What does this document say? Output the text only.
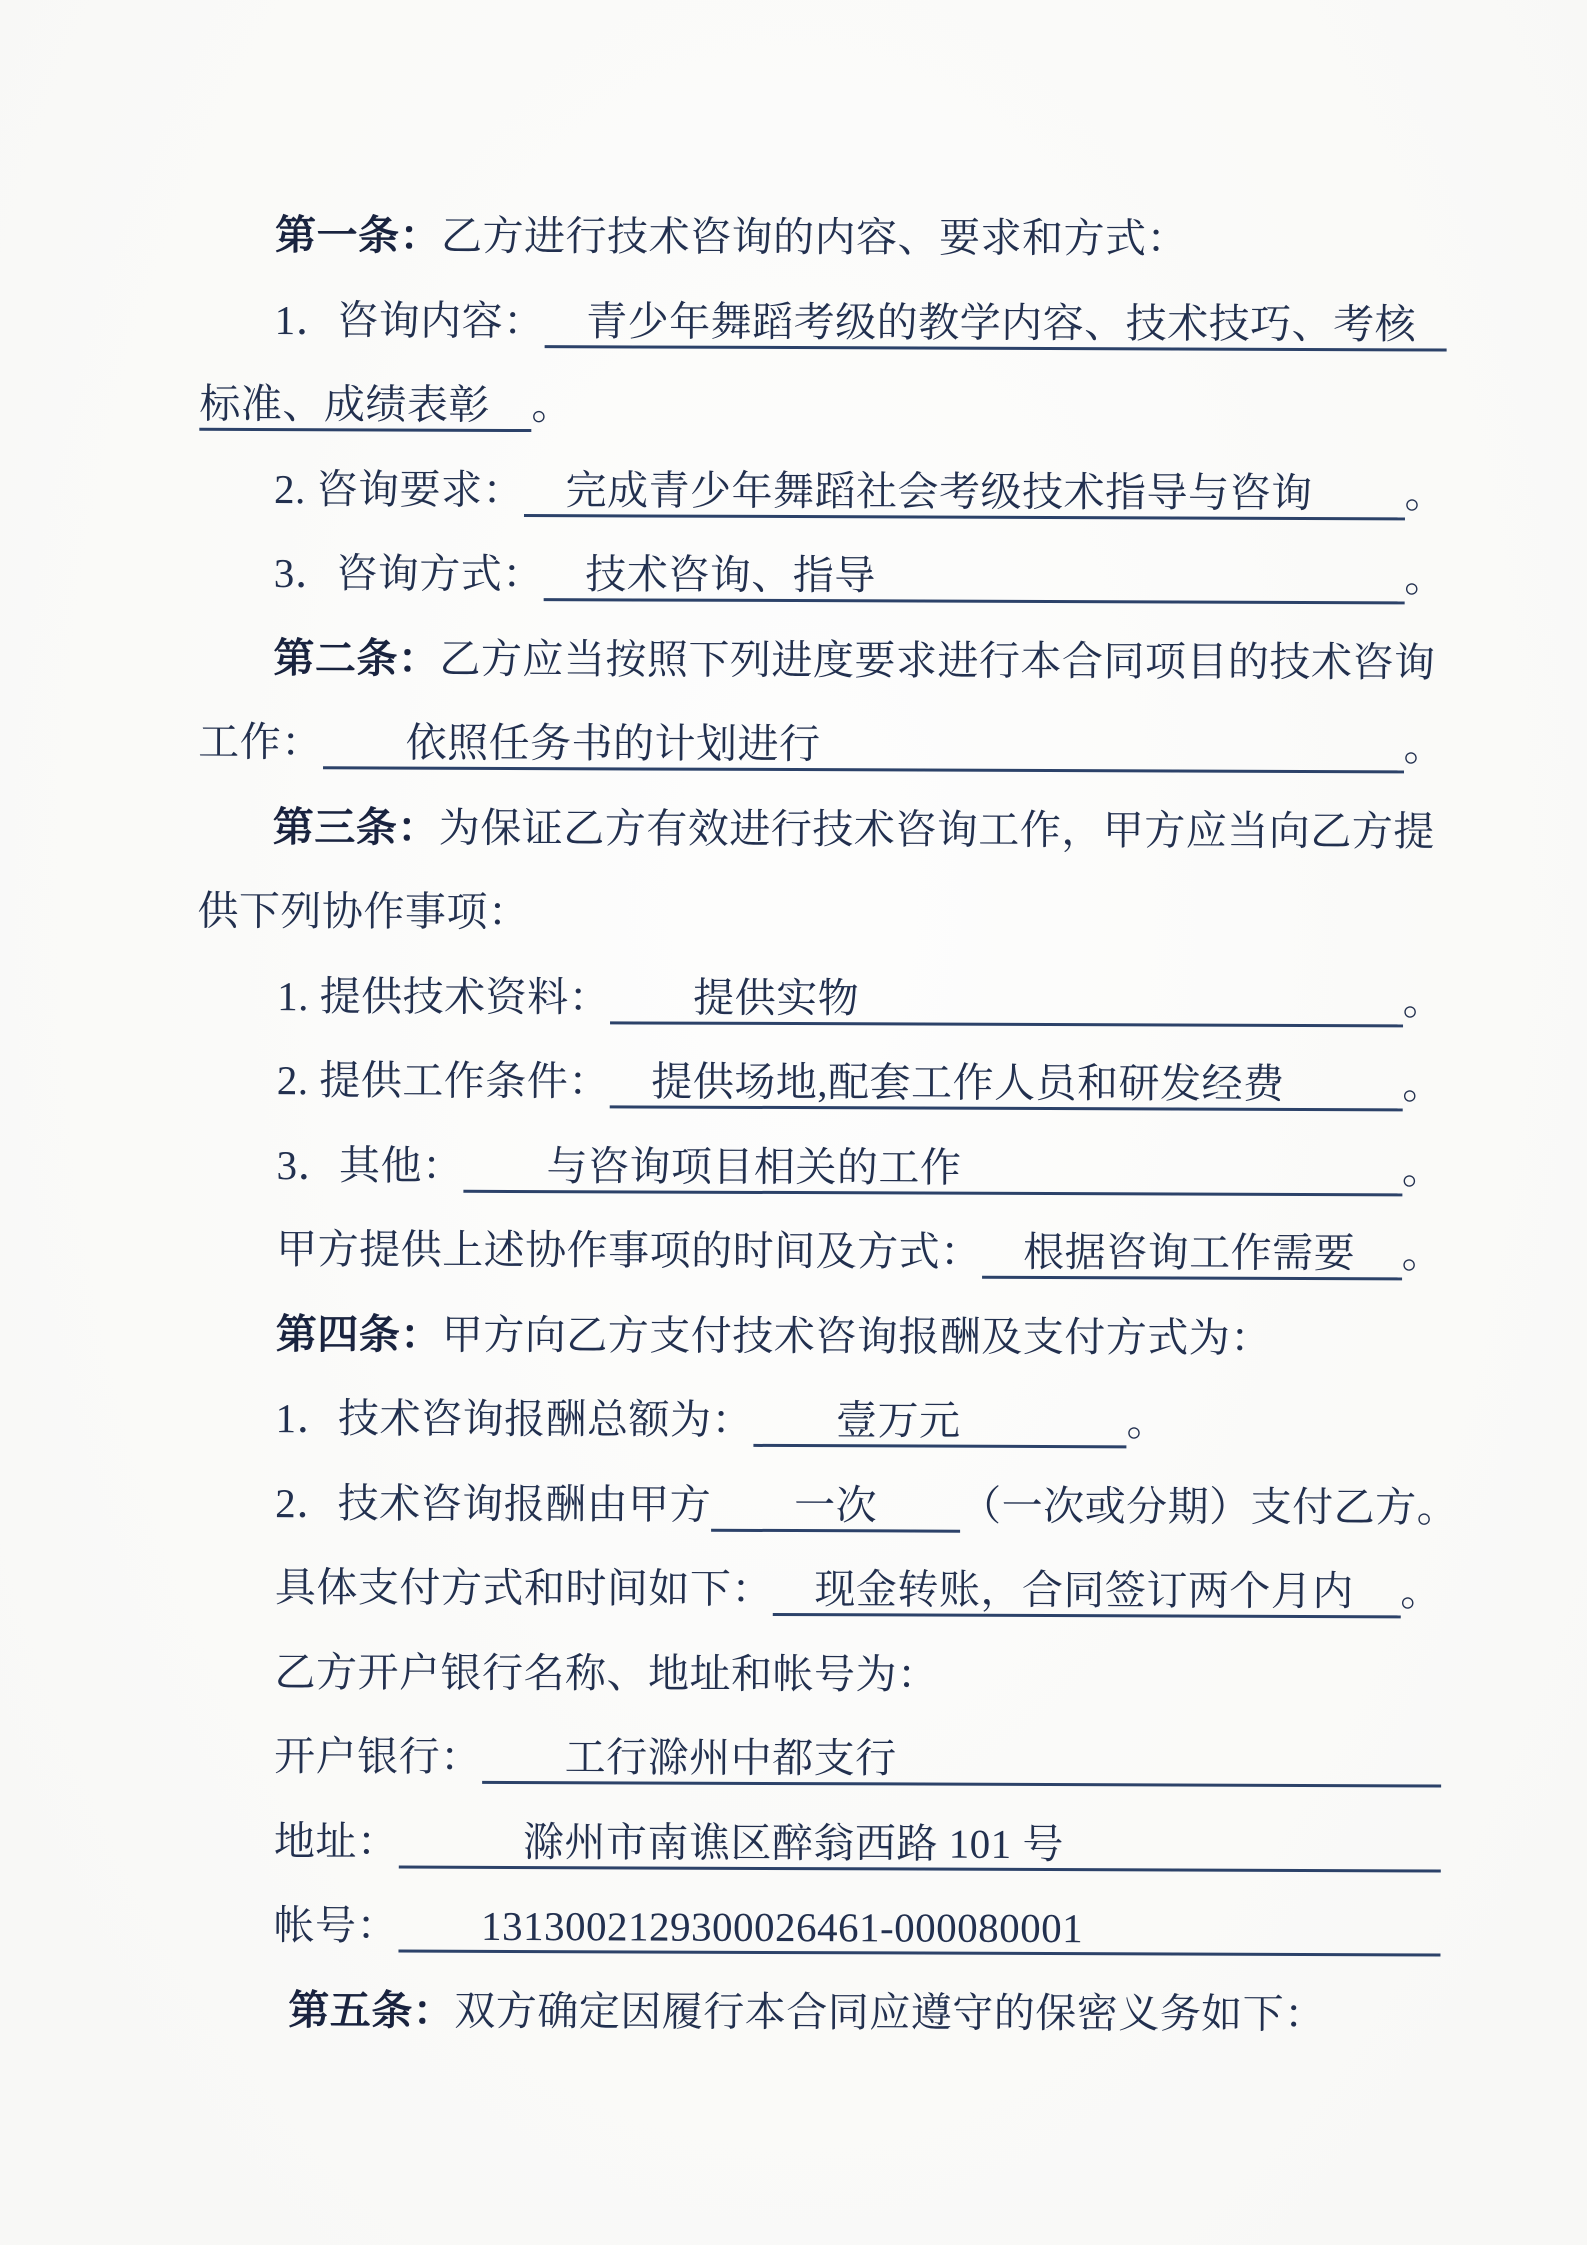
第一条： 乙方进行技术咨询的内容、要求和方式：
1．咨询内容： 　青少年舞蹈考级的教学内容、技术技巧、考核
标准、成绩表彰　 。
2. 咨询要求： 　完成青少年舞蹈社会考级技术指导与咨询	。
3．咨询方式： 　技术咨询、指导	。
第二条： 乙方应当按照下列进度要求进行本合同项目的技术咨询
工作： 　　依照任务书的计划进行	。
第三条： 为保证乙方有效进行技术咨询工作，甲方应当向乙方提
供下列协作事项：
1. 提供技术资料： 　　提供实物	。
2. 提供工作条件： 　提供场地,配套工作人员和研发经费	。
3．其他： 　　与咨询项目相关的工作	。
甲方提供上述协作事项的时间及方式： 　根据咨询工作需要	。
第四条： 甲方向乙方支付技术咨询报酬及支付方式为：
1．技术咨询报酬总额为： 　　壹万元　　　　 。
2．技术咨询报酬由甲方 　　一次　　 （一次或分期）支付乙方。
具体支付方式和时间如下： 　现金转账，合同签订两个月内	。
乙方开户银行名称、地址和帐号为：
开户银行： 　　工行滁州中都支行
地址： 　　　滁州市南谯区醉翁西路 101 号
帐号： 　　1313002129300026461-000080001
第五条： 双方确定因履行本合同应遵守的保密义务如下：
